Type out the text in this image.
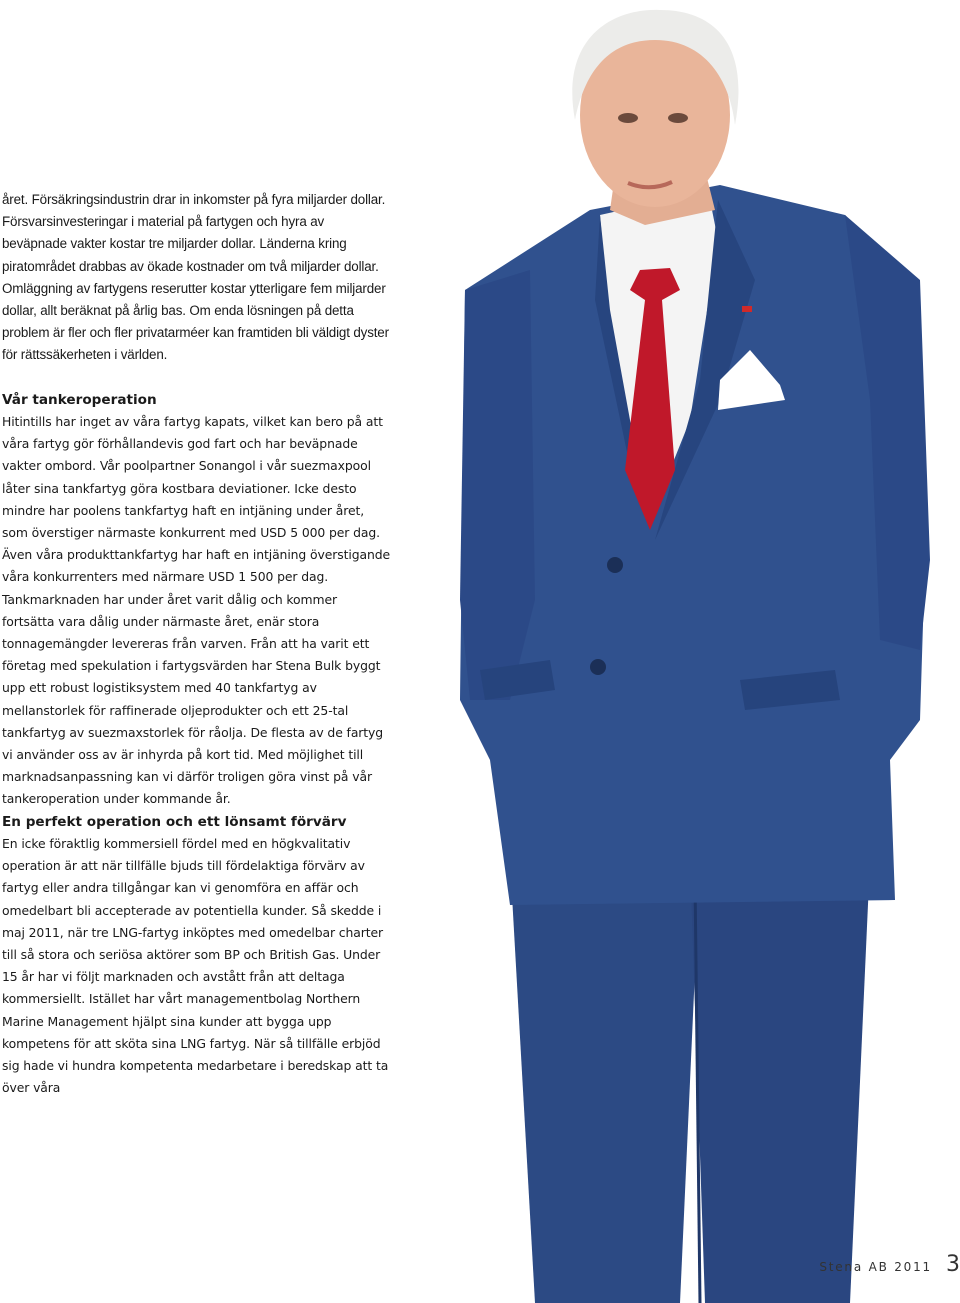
året. Försäkringsindustrin drar in inkomster på fyra miljarder dollar. Försvarsinvesteringar i material på fartygen och hyra av beväpnade vakter kostar tre miljarder dollar. Länderna kring piratområdet drabbas av ökade kostnader om två miljarder dollar. Omläggning av fartygens reserutter kostar ytterligare fem miljarder dollar, allt beräknat på årlig bas. Om enda lösningen på detta problem är fler och fler privatarméer kan framtiden bli väldigt dyster för rättssäkerheten i världen.

Vår tankeroperation

Hitintills har inget av våra fartyg kapats, vilket kan bero på att våra fartyg gör förhållandevis god fart och har beväpnade vakter ombord. Vår poolpartner Sonangol i vår suezmaxpool låter sina tankfartyg göra kostbara deviationer. Icke desto mindre har poolens tankfartyg haft en intjäning under året, som överstiger närmaste konkurrent med USD 5 000 per dag. Även våra produkttankfartyg har haft en intjäning överstigande våra konkurrenters med närmare USD 1 500 per dag. Tankmarknaden har under året varit dålig och kommer fortsätta vara dålig under närmaste året, enär stora tonnagemängder levereras från varven. Från att ha varit ett företag med spekulation i fartygsvärden har Stena Bulk byggt upp ett robust logistiksystem med 40 tankfartyg av mellanstorlek för raffinerade oljeprodukter och ett 25-tal tankfartyg av suezmaxstorlek för råolja. De flesta av de fartyg vi använder oss av är inhyrda på kort tid. Med möjlighet till marknadsanpassning kan vi därför troligen göra vinst på vår tankeroperation under kommande år.

En perfekt operation och ett lönsamt förvärv

En icke föraktlig kommersiell fördel med en högkvalitativ operation är att när tillfälle bjuds till fördelaktiga förvärv av fartyg eller andra tillgångar kan vi genomföra en affär och omedelbart bli accepterade av potentiella kunder. Så skedde i maj 2011, när tre LNG-fartyg inköptes med omedelbar charter till så stora och seriösa aktörer som BP och British Gas. Under 15 år har vi följt marknaden och avstått från att deltaga kommersiellt. Istället har vårt managementbolag Northern Marine Management hjälpt sina kunder att bygga upp kompetens för att sköta sina LNG fartyg. När så tillfälle erbjöd sig hade vi hundra kompetenta medarbetare i beredskap att ta över våra

Stena AB 2011 3
